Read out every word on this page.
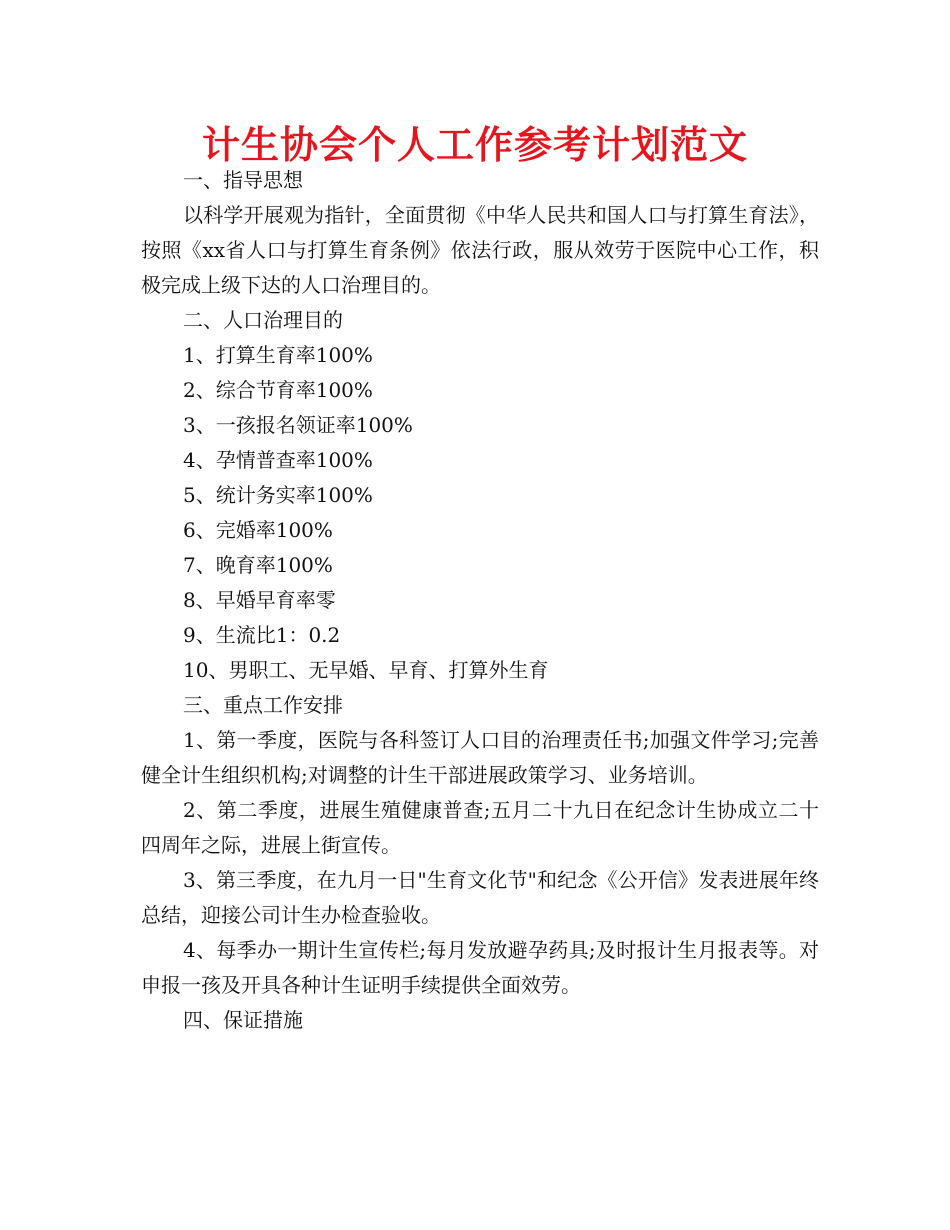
计生协会个人工作参考计划范文

一、指导思想

以科学开展观为指针，全面贯彻《中华人民共和国人口与打算生育法》，按照《xx省人口与打算生育条例》依法行政，服从效劳于医院中心工作，积极完成上级下达的人口治理目的。

二、人口治理目的

1、打算生育率100%

2、综合节育率100%

3、一孩报名领证率100%

4、孕情普查率100%

5、统计务实率100%

6、完婚率100%

7、晚育率100%

8、早婚早育率零

9、生流比1：0.2

10、男职工、无早婚、早育、打算外生育

三、重点工作安排

1、第一季度，医院与各科签订人口目的治理责任书;加强文件学习;完善健全计生组织机构;对调整的计生干部进展政策学习、业务培训。

2、第二季度，进展生殖健康普查;五月二十九日在纪念计生协成立二十四周年之际，进展上街宣传。

3、第三季度，在九月一日"生育文化节"和纪念《公开信》发表进展年终总结，迎接公司计生办检查验收。

4、每季办一期计生宣传栏;每月发放避孕药具;及时报计生月报表等。对申报一孩及开具各种计生证明手续提供全面效劳。

四、保证措施
